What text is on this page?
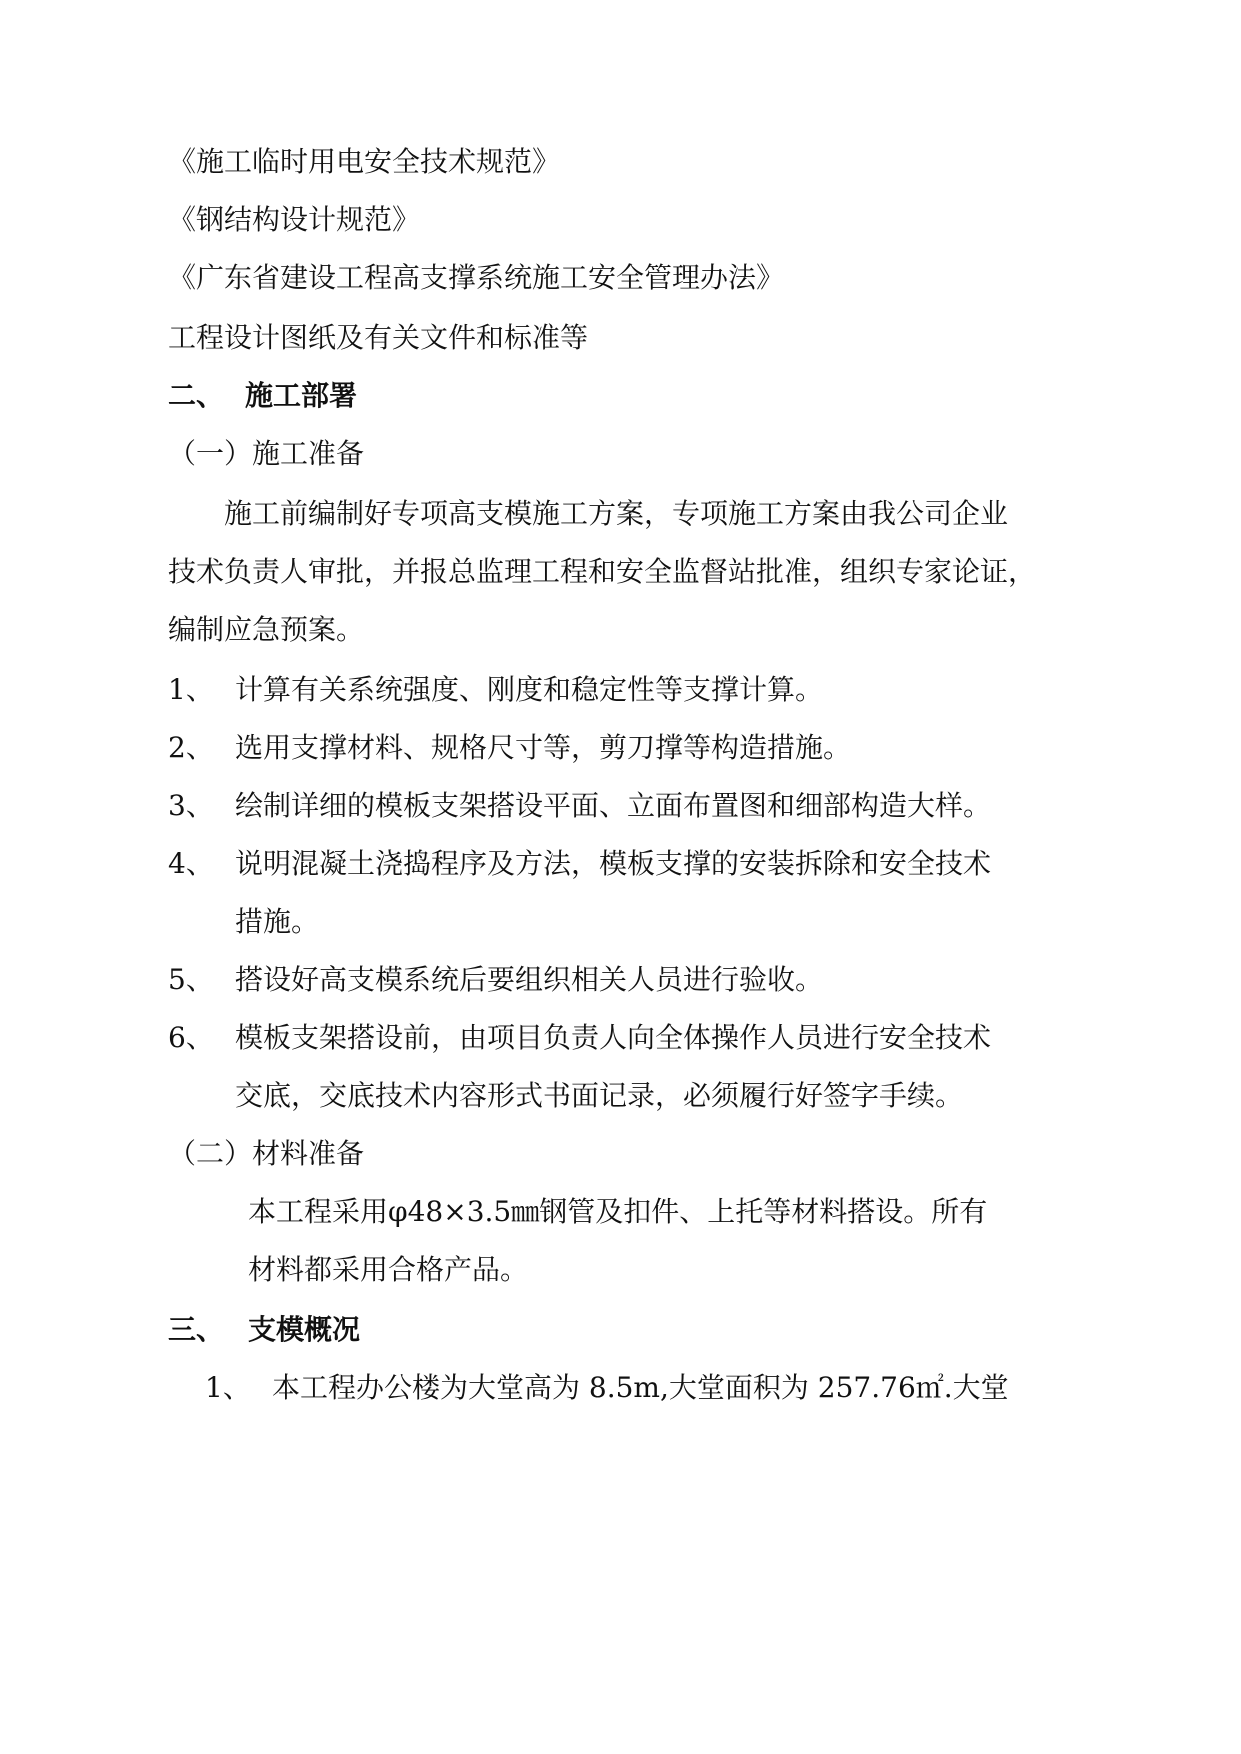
《施工临时用电安全技术规范》

《钢结构设计规范》

《广东省建设工程高支撑系统施工安全管理办法》

工程设计图纸及有关文件和标准等

二、 施工部署

（一）施工准备

施工前编制好专项高支模施工方案，专项施工方案由我公司企业

技术负责人审批，并报总监理工程和安全监督站批准，组织专家论证，

编制应急预案。

1、 计算有关系统强度、刚度和稳定性等支撑计算。

2、 选用支撑材料、规格尺寸等，剪刀撑等构造措施。

3、 绘制详细的模板支架搭设平面、立面布置图和细部构造大样。

4、 说明混凝土浇捣程序及方法，模板支撑的安装拆除和安全技术

措施。

5、 搭设好高支模系统后要组织相关人员进行验收。

6、 模板支架搭设前，由项目负责人向全体操作人员进行安全技术

交底，交底技术内容形式书面记录，必须履行好签字手续。

（二）材料准备

本工程采用φ48×3.5㎜钢管及扣件、上托等材料搭设。所有

材料都采用合格产品。

三、 支模概况

1、 本工程办公楼为大堂高为 8.5m,大堂面积为 257.76㎡.大堂
